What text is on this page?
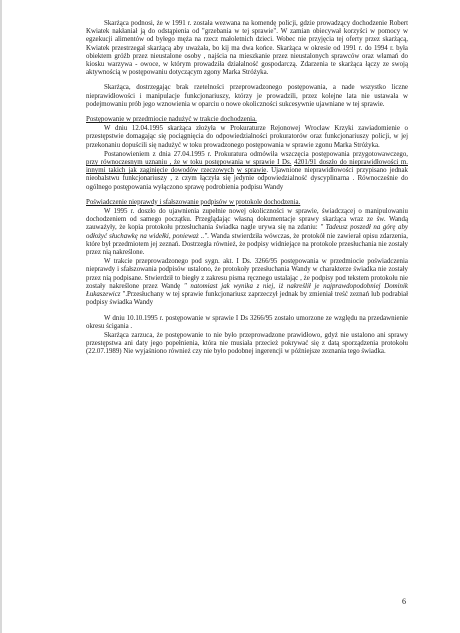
Skarżąca podnosi, że w 1991 r. została wezwana na komendę policji, gdzie prowadzący dochodzenie Robert Kwiatek nakłaniał ją do odstąpienia od "grzebania w tej sprawie". W zamian obiecywał korzyści w pomocy w egzekucji alimentów od byłego męża na rzecz małoletnich dzieci. Wobec nie przyjęcia tej oferty przez skarżącą, Kwiatek przestrzegał skarżącą aby uważała, bo kij ma dwa końce. Skarżąca w okresie od 1991 r. do 1994 r. była obiektem gróźb przez nieustalone osoby , najścia na mieszkanie przez nieustalonych sprawców oraz włamań do kiosku warzywa - owoce, w którym prowadziła działalność gospodarczą. Zdarzenia te skarżąca łączy ze swoją aktywnością w postępowaniu dotyczącym zgony Marka Stróżyka.

Skarżąca, dostrzegając brak rzetelności przeprowadzonego postępowania, a nade wszystko liczne nieprawidłowości i manipulacje funkcjonariuszy, którzy je prowadzili, przez kolejne lata nie ustawała w podejmowaniu prób jego wznowienia w oparciu o nowe okoliczności sukcesywnie ujawniane w tej sprawie.

Postępowanie w przedmiocie nadużyć w trakcie dochodzenia.

W dniu 12.04.1995 skarżąca złożyła w Prokuraturze Rejonowej Wrocław Krzyki zawiadomienie o przestępstwie domagając się pociągnięcia do odpowiedzialności prokuratorów oraz funkcjonariuszy policji, w jej przekonaniu dopuścili się nadużyć w toku prowadzonego postępowania w sprawie zgonu Marka Stróżyka.

Postanowieniem z dnia 27.04.1995 r. Prokuratura odmówiła wszczęcia postępowania przygotowawczego, przy równoczesnym uznaniu , że w toku postępowania w sprawie I Ds. 4201/91 doszło do nieprawidłowości m. innymi takich jak zaginięcie dowodów rzeczowych w sprawie. Ujawnione nieprawidłowości przypisano jednak nieobalstwu funkcjonariuszy , z czym łączyła się jedynie odpowiedzialność dyscyplinarna . Równocześnie do ogólnego postępowania wyłączono sprawę podrobienia podpisu Wandy

Poświadczenie nieprawdy i sfałszowanie podpisów w protokole dochodzenia.

W 1995 r. doszło do ujawnienia zupełnie nowej okoliczności w sprawie, świadczącej o manipulowaniu dochodzeniem od samego początku. Przeglądając własną dokumentacje sprawy skarżąca wraz ze św. Wandą zauważyły, że kopia protokołu przesłuchania świadka nagle urywa się na zdaniu: " Tadeusz poszedł na górę aby odłożyć słuchawkę na widełki, ponieważ ..". Wanda stwierdziła wówczas, że protokół nie zawierał opisu zdarzenia, które był przedmiotem jej zeznań. Dostrzegła również, że podpisy widniejące na protokole przesłuchania nie zostały przez nią nakreślone.

W trakcie przeprowadzonego pod sygn. akt. I Ds. 3266/95 postępowania w przedmiocie poświadczenia nieprawdy i sfałszowania podpisów ustalono, że protokoły przesłuchania Wandy w charakterze świadka nie zostały przez nią podpisane. Stwierdził to biegły z zakresu pisma ręcznego ustalając , że podpisy pod tekstem protokołu nie zostały nakreślone przez Wandę " natomiast jak wynika z niej, iż nakreślił je najprawdopodobniej Dominik Łukaszewicz ".Przesłuchany w tej sprawie funkcjonariusz zaprzeczył jednak by zmieniał treść zeznań lub podrabiał podpisy świadka Wandy

W dniu 10.10.1995 r. postępowanie w sprawie I Ds 3266/95 zostało umorzone ze względu na przedawnienie okresu ścigania .

Skarżąca zarzuca, że postępowanie to nie było przeprowadzone prawidłowo, gdyż nie ustalono ani sprawy przestępstwa ani daty jego popełnienia, która nie musiała przecież pokrywać się z datą sporządzenia protokołu (22.07.1989) Nie wyjaśniono również czy nie było podobnej ingerencji w późniejsze zeznania tego świadka.

6
